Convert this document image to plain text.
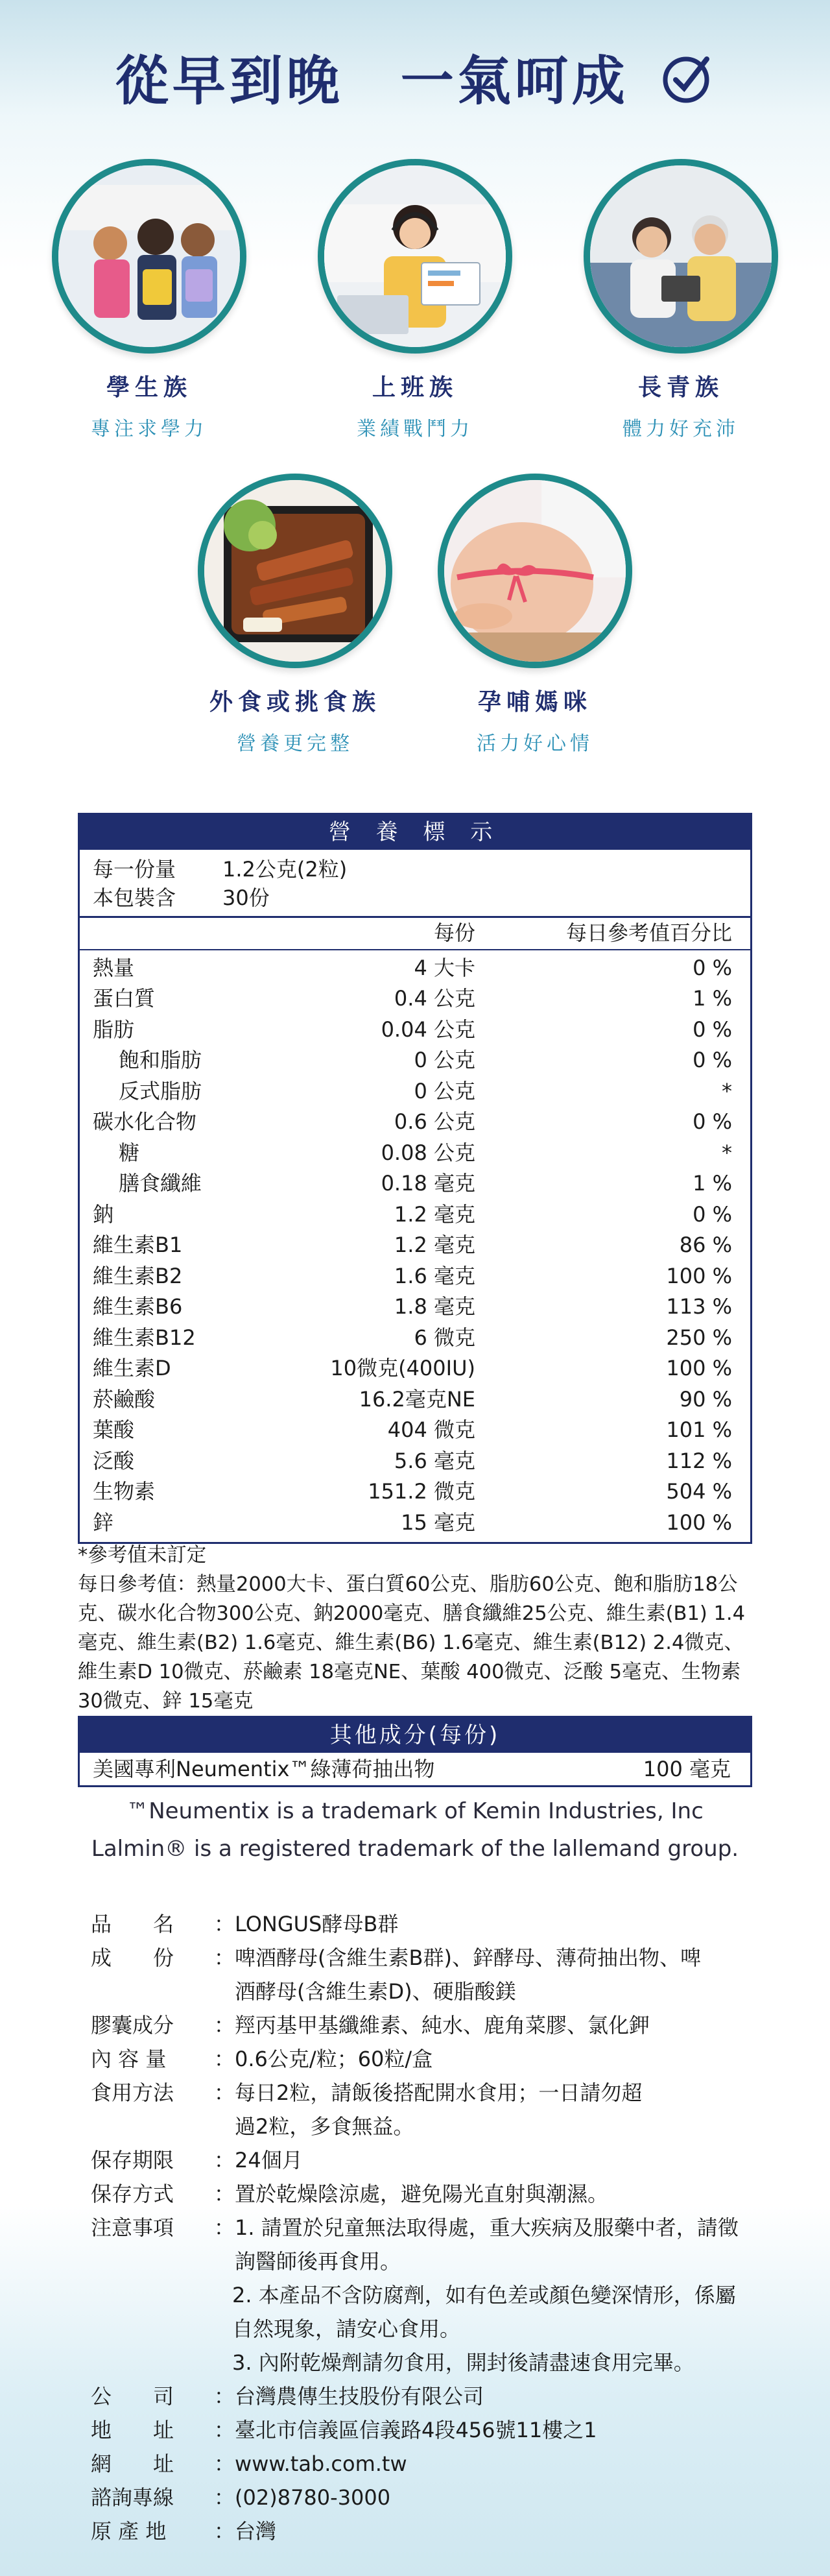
從早到晚　一氣呵成
學生族
專注求學力
上班族
業績戰鬥力
長青族
體力好充沛
外食或挑食族
營養更完整
孕哺媽咪
活力好心情
營 養 標 示
每一份量 1.2公克(2粒)
本包裝含 30份
每份	每日參考值百分比
熱量	4 大卡	0 %
蛋白質	0.4 公克	1 %
脂肪	0.04 公克	0 %
飽和脂肪	0 公克	0 %
反式脂肪	0 公克	*
碳水化合物	0.6 公克	0 %
糖	0.08 公克	*
膳食纖維	0.18 毫克	1 %
鈉	1.2 毫克	0 %
維生素B1	1.2 毫克	86 %
維生素B2	1.6 毫克	100 %
維生素B6	1.8 毫克	113 %
維生素B12	6 微克	250 %
維生素D	10微克(400IU)	100 %
菸鹼酸	16.2毫克NE	90 %
葉酸	404 微克	101 %
泛酸	5.6 毫克	112 %
生物素	151.2 微克	504 %
鋅	15 毫克	100 %
*參考值未訂定
每日參考值：熱量2000大卡、蛋白質60公克、脂肪60公克、飽和脂肪18公克、碳水化合物300公克、鈉2000毫克、膳食纖維25公克、維生素(B1) 1.4毫克、維生素(B2) 1.6毫克、維生素(B6) 1.6毫克、維生素(B12) 2.4微克、維生素D 10微克、菸鹼素 18毫克NE、葉酸 400微克、泛酸 5毫克、生物素 30微克、鋅 15毫克
其他成分(每份)
美國專利Neumentix™綠薄荷抽出物	100 毫克
™Neumentix is a trademark of Kemin Industries, Inc
Lalmin® is a registered trademark of the lallemand group.
品　　名	： LONGUS酵母B群
成　　份	： 啤酒酵母(含維生素B群)、鋅酵母、薄荷抽出物、啤酒酵母(含維生素D)、硬脂酸鎂
膠囊成分	： 羥丙基甲基纖維素、純水、鹿角菜膠、氯化鉀
內 容 量	： 0.6公克/粒；60粒/盒
食用方法	： 每日2粒，請飯後搭配開水食用；一日請勿超過2粒，多食無益。
保存期限	： 24個月
保存方式	： 置於乾燥陰涼處，避免陽光直射與潮濕。
注意事項	： 1. 請置於兒童無法取得處，重大疾病及服藥中者，請徵詢醫師後再食用。
2. 本產品不含防腐劑，如有色差或顏色變深情形，係屬自然現象，請安心食用。
3. 內附乾燥劑請勿食用，開封後請盡速食用完畢。
公　　司	： 台灣農傳生技股份有限公司
地　　址	： 臺北市信義區信義路4段456號11樓之1
網　　址	： www.tab.com.tw
諮詢專線	： (02)8780-3000
原 產 地	： 台灣
